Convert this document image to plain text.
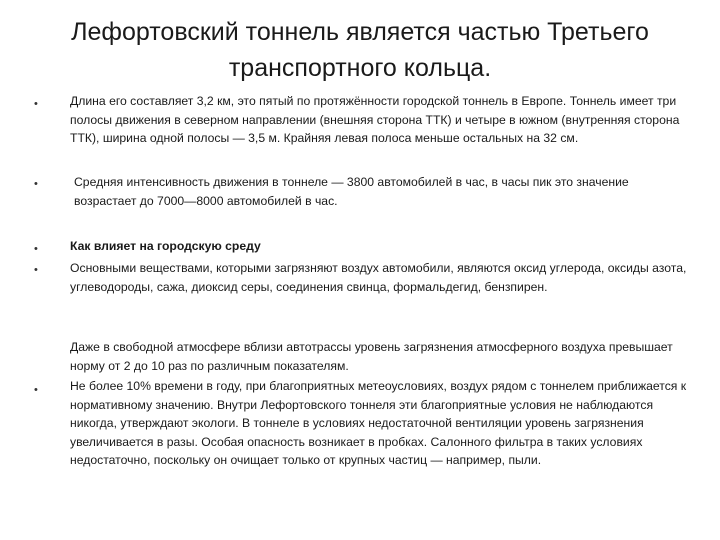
Лефортовский тоннель является частью Третьего транспортного кольца.
•	Длина его составляет 3,2 км, это пятый по протяжённости городской тоннель в Европе. Тоннель имеет три полосы движения в северном направлении (внешняя сторона ТТК) и четыре в южном (внутренняя сторона ТТК), ширина одной полосы — 3,5 м. Крайняя левая полоса меньше остальных на 32 см.
•	Средняя интенсивность движения в тоннеле — 3800 автомобилей в час, в часы пик это значение возрастает до 7000—8000 автомобилей в час.
•	Как влияет на городскую среду
•	Основными веществами, которыми загрязняют воздух автомобили, являются оксид углерода, оксиды азота, углеводороды, сажа, диоксид серы, соединения свинца, формальдегид, бензпирен.
Даже в свободной атмосфере вблизи автотрассы уровень загрязнения атмосферного воздуха превышает норму от 2 до 10 раз по различным показателям.
•	Не более 10% времени в году, при благоприятных метеоусловиях, воздух рядом с тоннелем приближается к нормативному значению. Внутри Лефортовского тоннеля эти благоприятные условия не наблюдаются никогда, утверждают экологи. В тоннеле в условиях недостаточной вентиляции уровень загрязнения увеличивается в разы. Особая опасность возникает в пробках. Салонного фильтра в таких условиях недостаточно, поскольку он очищает только от крупных частиц — например, пыли.
